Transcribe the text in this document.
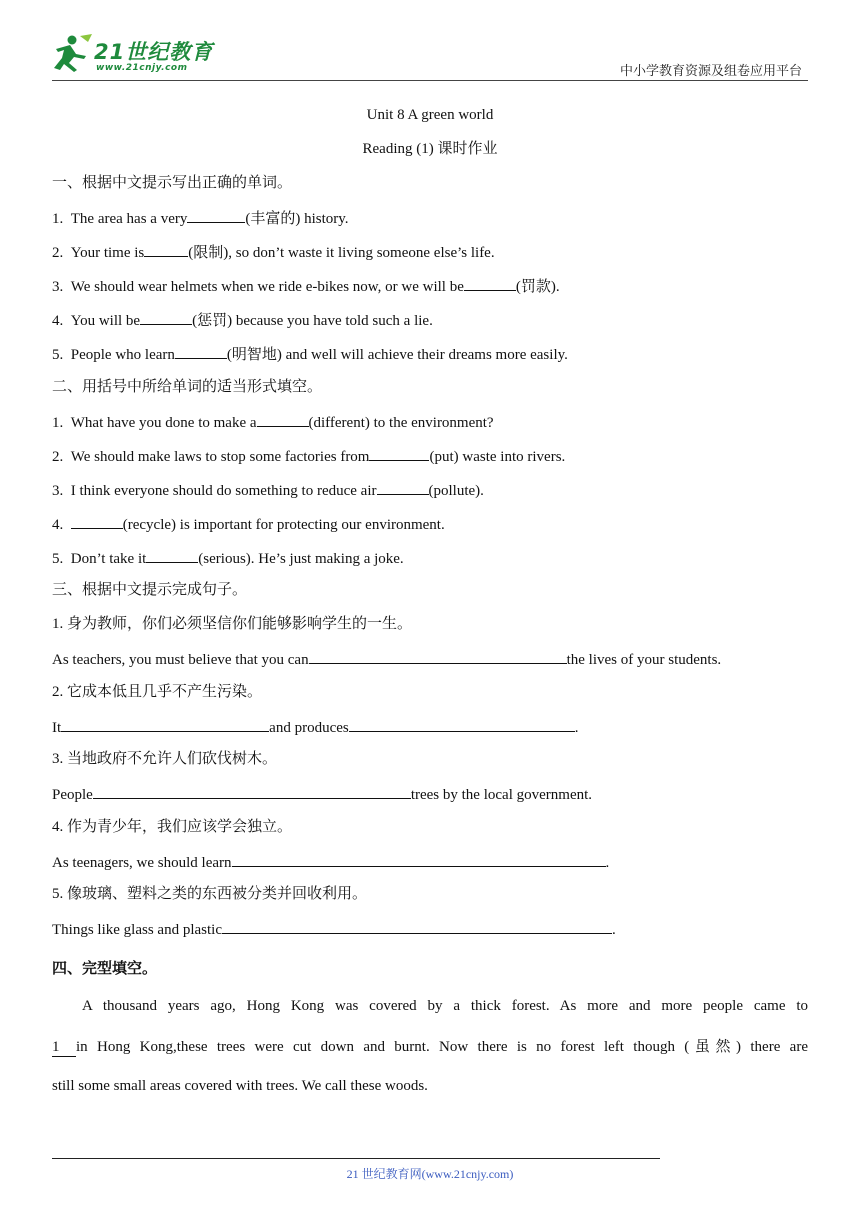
21世纪教育
www.21cnjy.com	中小学教育资源及组卷应用平台
Unit 8 A green world
Reading (1) 课时作业
一、根据中文提示写出正确的单词。
1. The area has a very	(丰富的) history.
2. Your time is	(限制), so don’t waste it living someone else’s life.
3. We should wear helmets when we ride e-bikes now, or we will be	(罚款).
4. You will be	(惩罚) because you have told such a lie.
5. People who learn	(明智地) and well will achieve their dreams more easily.
二、用括号中所给单词的适当形式填空。
1. What have you done to make a	(different) to the environment?
2. We should make laws to stop some factories from	(put) waste into rivers.
3. I think everyone should do something to reduce air	(pollute).
4.	(recycle) is important for protecting our environment.
5. Don’t take it	(serious). He’s just making a joke.
三、根据中文提示完成句子。
1. 身为教师，你们必须坚信你们能够影响学生的一生。
As teachers, you must believe that you can	the lives of your students.
2. 它成本低且几乎不产生污染。
It	and produces	.
3. 当地政府不允许人们砍伐树木。
People	trees by the local government.
4. 作为青少年，我们应该学会独立。
As teenagers, we should learn	.
5. 像玻璃、塑料之类的东西被分类并回收利用。
Things like glass and plastic	.
四、完型填空。
A thousand years ago, Hong Kong was covered by a thick forest. As more and more people came to
1 in Hong Kong,these trees were cut down and burnt. Now there is no forest left though (虽然) there are
still some small areas covered with trees. We call these woods.
21 世纪教育网(www.21cnjy.com)
